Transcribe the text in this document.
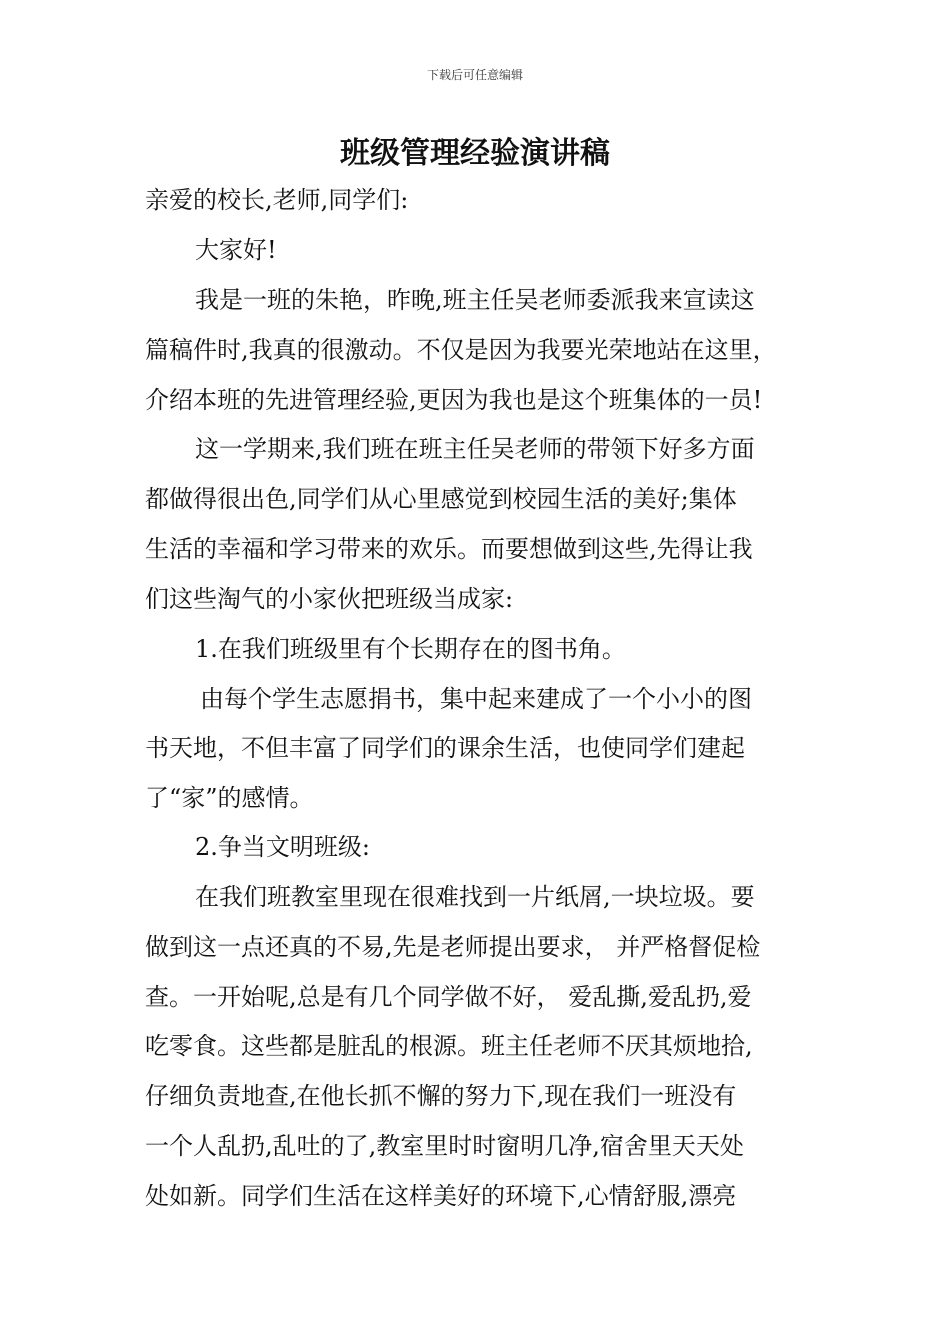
下载后可任意编辑
班级管理经验演讲稿
亲爱的校长,老师,同学们:
大家好!
我是一班的朱艳，昨晚,班主任吴老师委派我来宣读这
篇稿件时,我真的很激动。不仅是因为我要光荣地站在这里，
介绍本班的先进管理经验,更因为我也是这个班集体的一员!
这一学期来,我们班在班主任吴老师的带领下好多方面
都做得很出色,同学们从心里感觉到校园生活的美好;集体
生活的幸福和学习带来的欢乐。而要想做到这些,先得让我
们这些淘气的小家伙把班级当成家:
1.在我们班级里有个长期存在的图书角。
由每个学生志愿捐书，集中起来建成了一个小小的图
书天地，不但丰富了同学们的课余生活，也使同学们建起
了“家”的感情。
2.争当文明班级:
在我们班教室里现在很难找到一片纸屑,一块垃圾。要
做到这一点还真的不易,先是老师提出要求， 并严格督促检
查。一开始呢,总是有几个同学做不好， 爱乱撕,爱乱扔,爱
吃零食。这些都是脏乱的根源。班主任老师不厌其烦地拾,
仔细负责地查,在他长抓不懈的努力下,现在我们一班没有
一个人乱扔,乱吐的了,教室里时时窗明几净,宿舍里天天处
处如新。同学们生活在这样美好的环境下,心情舒服,漂亮
